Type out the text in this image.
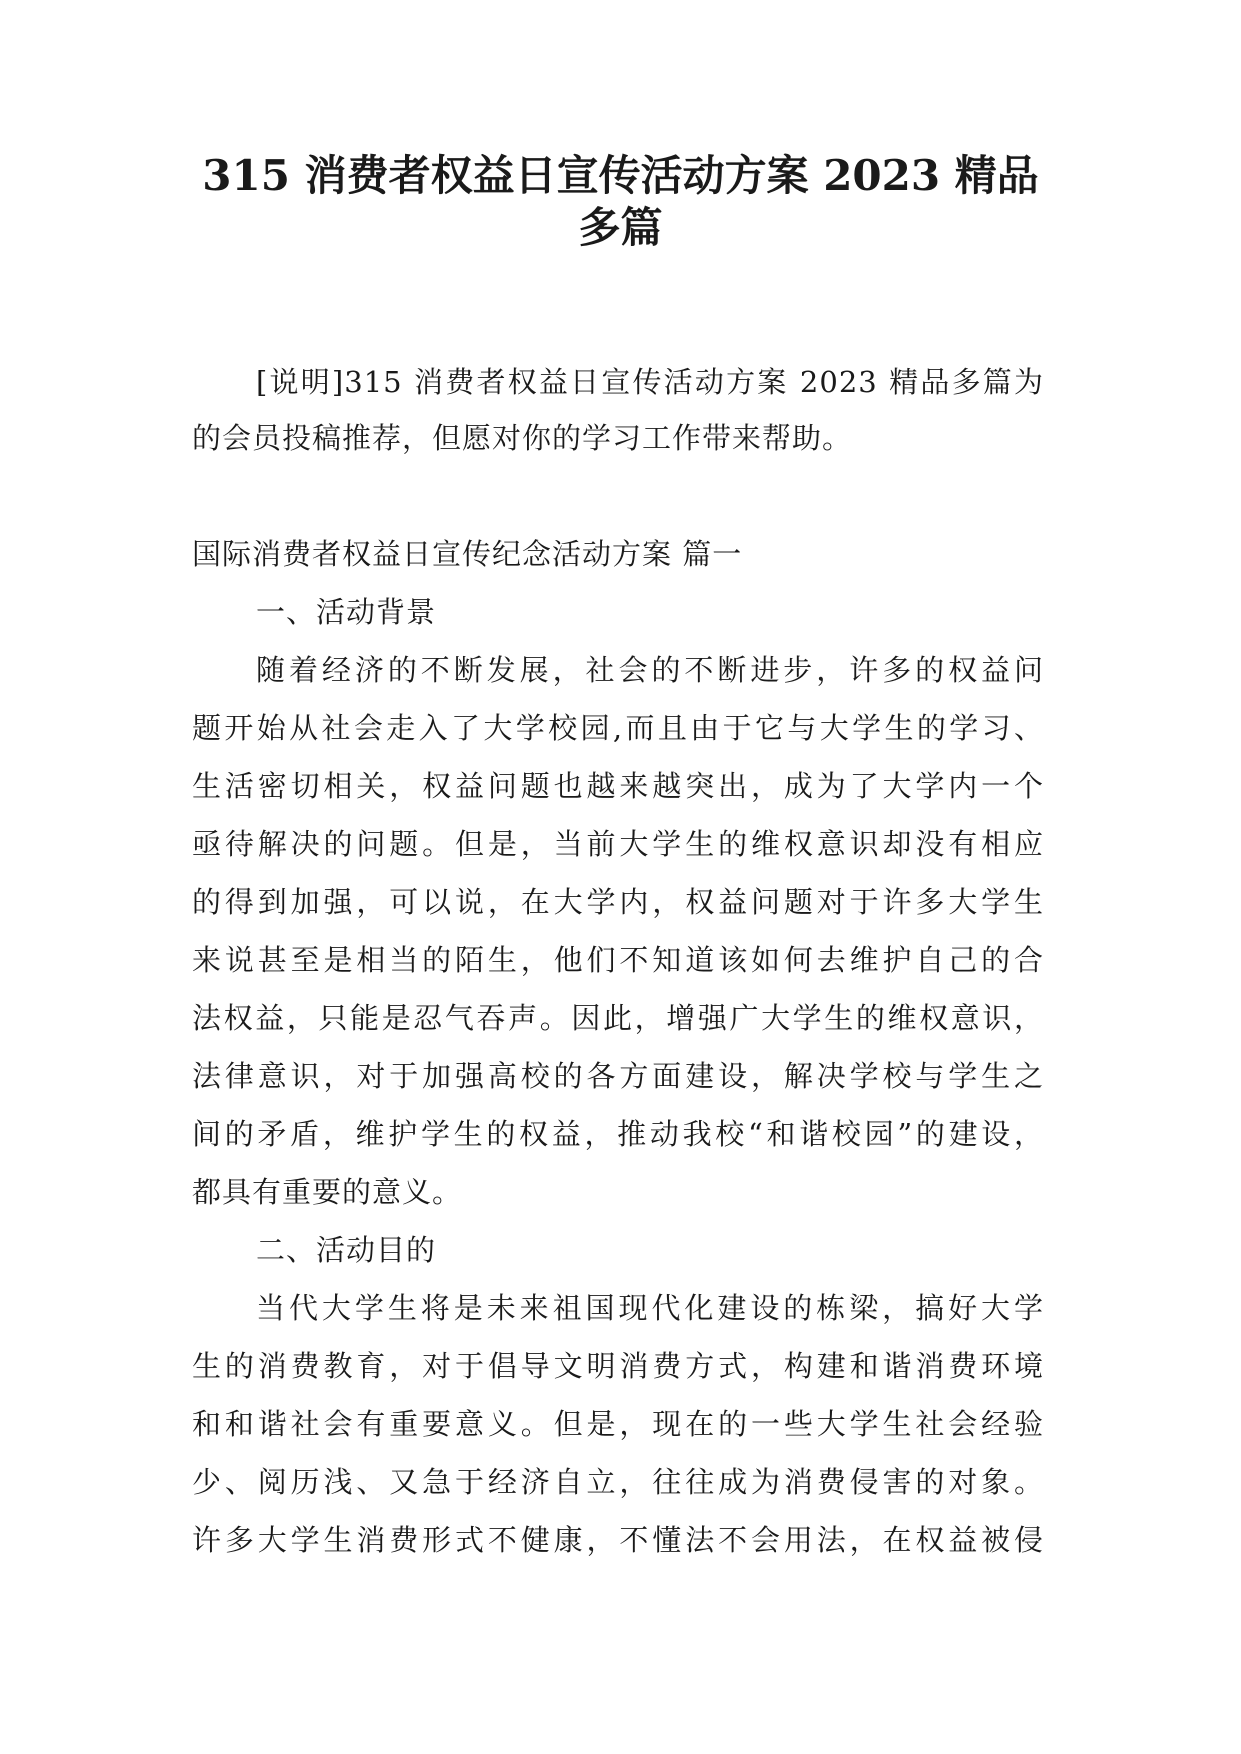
315 消费者权益日宣传活动方案 2023 精品
多篇

[说明]315 消费者权益日宣传活动方案 2023 精品多篇为

的会员投稿推荐，但愿对你的学习工作带来帮助。

国际消费者权益日宣传纪念活动方案 篇一

一、活动背景

随着经济的不断发展，社会的不断进步，许多的权益问

题开始从社会走入了大学校园,而且由于它与大学生的学习、

生活密切相关，权益问题也越来越突出，成为了大学内一个

亟待解决的问题。但是，当前大学生的维权意识却没有相应

的得到加强，可以说，在大学内，权益问题对于许多大学生

来说甚至是相当的陌生，他们不知道该如何去维护自己的合

法权益，只能是忍气吞声。因此，增强广大学生的维权意识，

法律意识，对于加强高校的各方面建设，解决学校与学生之

间的矛盾，维护学生的权益，推动我校“和谐校园”的建设，

都具有重要的意义。

二、活动目的

当代大学生将是未来祖国现代化建设的栋梁，搞好大学

生的消费教育，对于倡导文明消费方式，构建和谐消费环境

和和谐社会有重要意义。但是，现在的一些大学生社会经验

少、阅历浅、又急于经济自立，往往成为消费侵害的对象。

许多大学生消费形式不健康，不懂法不会用法，在权益被侵
